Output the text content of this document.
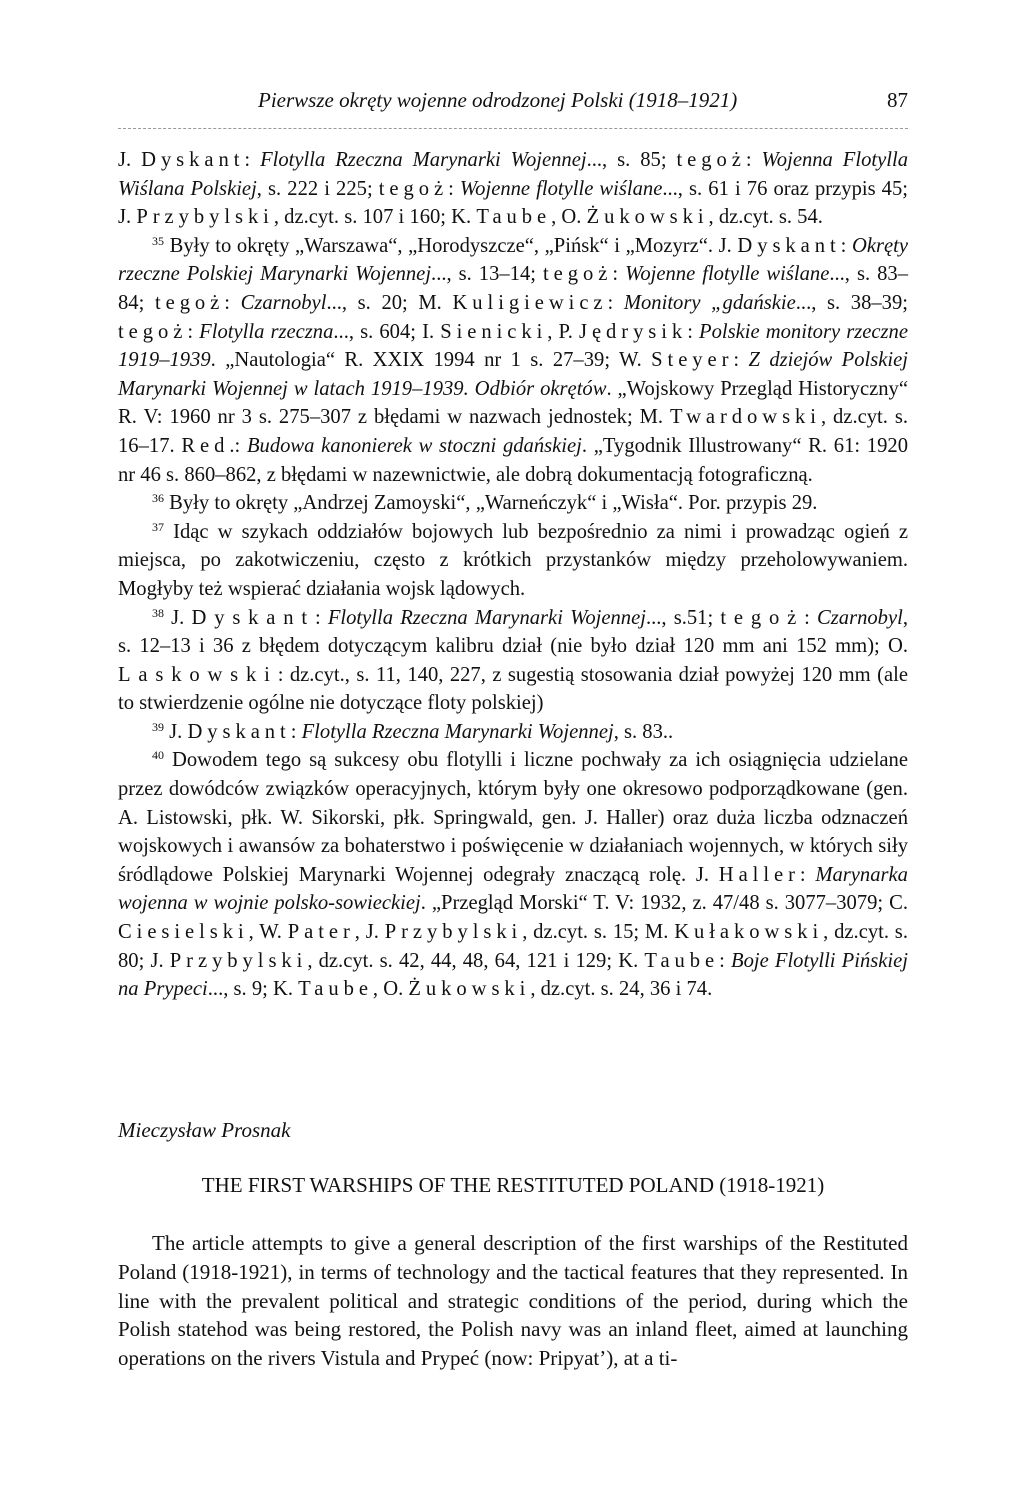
Pierwsze okręty wojenne odrodzonej Polski (1918–1921)	87

J. Dyskant: Flotylla Rzeczna Marynarki Wojennej..., s. 85; tegoż: Wojenna Flotylla Wiślana Polskiej, s. 222 i 225; tegoż: Wojenne flotylle wiślane..., s. 61 i 76 oraz przypis 45; J. Przybylski, dz.cyt. s. 107 i 160; K. Taube, O. Żukowski, dz.cyt. s. 54.

$^{35}$ Były to okręty „Warszawa“, „Horodyszcze“, „Pińsk“ i „Mozyrz“. J. Dyskant: Okręty rzeczne Polskiej Marynarki Wojennej..., s. 13–14; tegoż: Wojenne flotylle wiślane..., s. 83–84; tegoż: Czarnobyl..., s. 20; M. Kuligiewicz: Monitory „gdańskie..., s. 38–39; tegoż: Flotylla rzeczna..., s. 604; I. Sienicki, P. Jędrysik: Polskie monitory rzeczne 1919–1939. „Nautologia“ R. XXIX 1994 nr 1 s. 27–39; W. Steyer: Z dziejów Polskiej Marynarki Wojennej w latach 1919–1939. Odbiór okrętów. „Wojskowy Przegląd Historyczny“ R. V: 1960 nr 3 s. 275–307 z błędami w nazwach jednostek; M. Twardowski, dz.cyt. s. 16–17. Red.: Budowa kanonierek w stoczni gdańskiej. „Tygodnik Illustrowany“ R. 61: 1920 nr 46 s. 860–862, z błędami w nazewnictwie, ale dobrą dokumentacją fotograficzną.

$^{36}$ Były to okręty „Andrzej Zamoyski“, „Warneńczyk“ i „Wisła“. Por. przypis 29.

$^{37}$ Idąc w szykach oddziałów bojowych lub bezpośrednio za nimi i prowadząc ogień z miejsca, po zakotwiczeniu, często z krótkich przystanków między przeholowywaniem. Mogłyby też wspierać działania wojsk lądowych.

$^{38}$ J. Dyskant: Flotylla Rzeczna Marynarki Wojennej..., s.51; tegoż: Czarnobyl, s. 12–13 i 36 z błędem dotyczącym kalibru dział (nie było dział 120 mm ani 152 mm); O. Laskowski: dz.cyt., s. 11, 140, 227, z sugestią stosowania dział powyżej 120 mm (ale to stwierdzenie ogólne nie dotyczące floty polskiej)

$^{39}$ J. Dyskant: Flotylla Rzeczna Marynarki Wojennej, s. 83..

$^{40}$ Dowodem tego są sukcesy obu flotylli i liczne pochwały za ich osiągnięcia udzielane przez dowódców związków operacyjnych, którym były one okresowo podporządkowane (gen. A. Listowski, płk. W. Sikorski, płk. Springwald, gen. J. Haller) oraz duża liczba odznaczeń wojskowych i awansów za bohaterstwo i poświęcenie w działaniach wojennych, w których siły śródlądowe Polskiej Marynarki Wojennej odegrały znaczącą rolę. J. Haller: Marynarka wojenna w wojnie polsko-sowieckiej. „Przegląd Morski“ T. V: 1932, z. 47/48 s. 3077–3079; C. Ciesielski, W. Pater, J. Przybylski, dz.cyt. s. 15; M. Kułakowski, dz.cyt. s. 80; J. Przybylski, dz.cyt. s. 42, 44, 48, 64, 121 i 129; K. Taube: Boje Flotylli Pińskiej na Prypeci..., s. 9; K. Taube, O. Żukowski, dz.cyt. s. 24, 36 i 74.

Mieczysław Prosnak
THE FIRST WARSHIPS OF THE RESTITUTED POLAND (1918-1921)

The article attempts to give a general description of the first warships of the Restituted Poland (1918-1921), in terms of technology and the tactical features that they represented. In line with the prevalent political and strategic conditions of the period, during which the Polish statehod was being restored, the Polish navy was an inland fleet, aimed at launching operations on the rivers Vistula and Prypeć (now: Pripyat’), at a ti-
